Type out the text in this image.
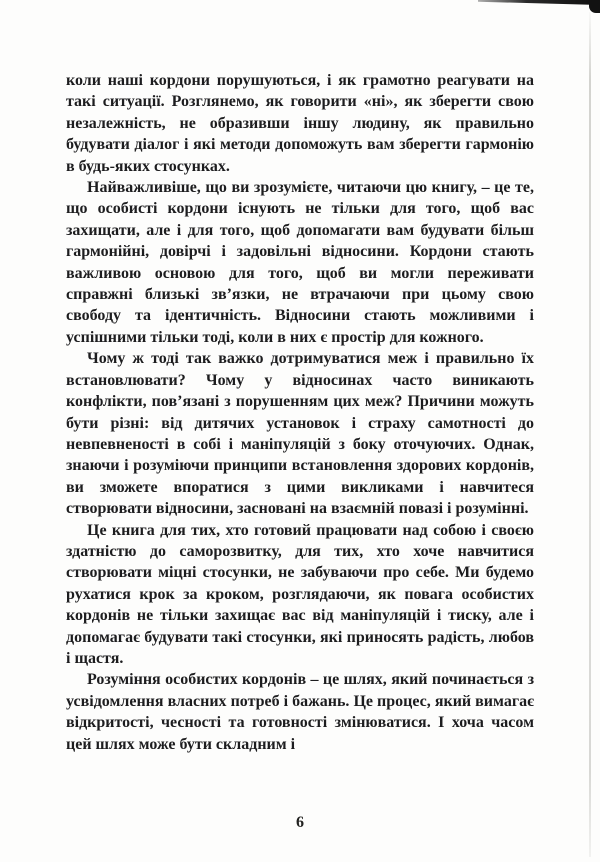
коли наші кордони порушуються, і як грамотно реагувати на такі ситуації. Розглянемо, як говорити «ні», як зберегти свою незалежність, не образивши іншу людину, як правильно будувати діалог і які методи допоможуть вам зберегти гармонію в будь-яких стосунках.

Найважливіше, що ви зрозумієте, читаючи цю книгу, – це те, що особисті кордони існують не тільки для того, щоб вас захищати, але і для того, щоб допомагати вам будувати більш гармонійні, довірчі і задовільні відносини. Кордони стають важливою основою для того, щоб ви могли переживати справжні близькі зв’язки, не втрачаючи при цьому свою свободу та ідентичність. Відносини стають можливими і успішними тільки тоді, коли в них є простір для кожного.

Чому ж тоді так важко дотримуватися меж і правильно їх встановлювати? Чому у відносинах часто виникають конфлікти, пов’язані з порушенням цих меж? Причини можуть бути різні: від дитячих установок і страху самотності до невпевненості в собі і маніпуляцій з боку оточуючих. Однак, знаючи і розуміючи принципи встановлення здорових кордонів, ви зможете впоратися з цими викликами і навчитеся створювати відносини, засновані на взаємній повазі і розумінні.

Це книга для тих, хто готовий працювати над собою і своєю здатністю до саморозвитку, для тих, хто хоче навчитися створювати міцні стосунки, не забуваючи про себе. Ми будемо рухатися крок за кроком, розглядаючи, як повага особистих кордонів не тільки захищає вас від маніпуляцій і тиску, але і допомагає будувати такі стосунки, які приносять радість, любов і щастя.

Розуміння особистих кордонів – це шлях, який починається з усвідомлення власних потреб і бажань. Це процес, який вимагає відкритості, чесності та готовності змінюватися. І хоча часом цей шлях може бути складним і

6
